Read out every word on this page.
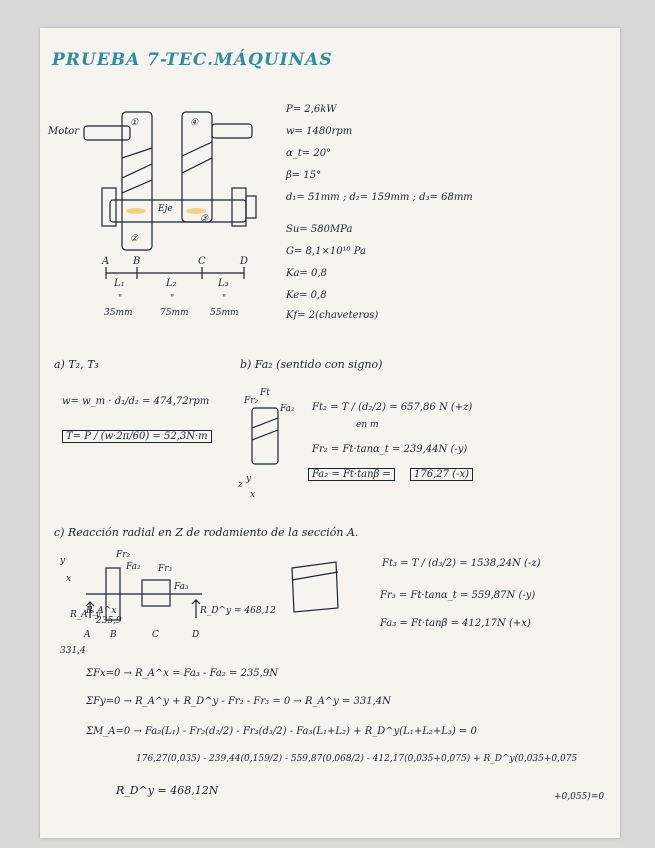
PRUEBA 7-TEC.MÁQUINAS
Motor
①
②
③
④
Eje
A B	C	D
L₁	L₂	L₃
"	"	"
35mm	75mm 55mm
P= 2,6kW
w= 1480rpm
α_t= 20°
β= 15°
d₁= 51mm ; d₂= 159mm ; d₃= 68mm
Su= 580MPa
G= 8,1×10¹⁰ Pa
Ka= 0,8
Ke= 0,8
Kf= 2(chaveteros)
a) T₂, T₃
w= w_m · d₁/d₂ = 474,72rpm
T= P / (w·2π/60) = 52,3N·m
b) Fa₂ (sentido con signo)
Fr₂
Fa₂
Ft
z
y
x
Ft₂ = T / (d₂/2) = 657,86 N (+z)
en m
Fr₂ = Ft·tanα_t = 239,44N (-y)
Fa₂ = Ft·tanβ =	176,27 (-x)
c) Reacción radial en Z de rodamiento de la sección A.
y
x
Fr₂
Fa₂ Fr₃
Fa₃
R_A^y
R_A^x	R_D^y = 468,12
235,9
331,4
A B	C	D
Ft₃ = T / (d₃/2) = 1538,24N (-z)
Fr₃ = Ft·tanα_t = 559,87N (-y)
Fa₃ = Ft·tanβ = 412,17N (+x)
ΣFx=0 → R_A^x = Fa₃ - Fa₂ = 235,9N
ΣFy=0 → R_A^y + R_D^y - Fr₂ - Fr₃ = 0 → R_A^y = 331,4N
ΣM_A=0 → Fa₂(L₁) - Fr₂(d₂/2) - Fr₃(d₃/2) - Fa₃(L₁+L₂) + R_D^y(L₁+L₂+L₃) = 0
176,27(0,035) - 239,44(0,159/2) - 559,87(0,068/2) - 412,17(0,035+0,075) + R_D^y(0,035+0,075
+0,055)=0
R_D^y = 468,12N
